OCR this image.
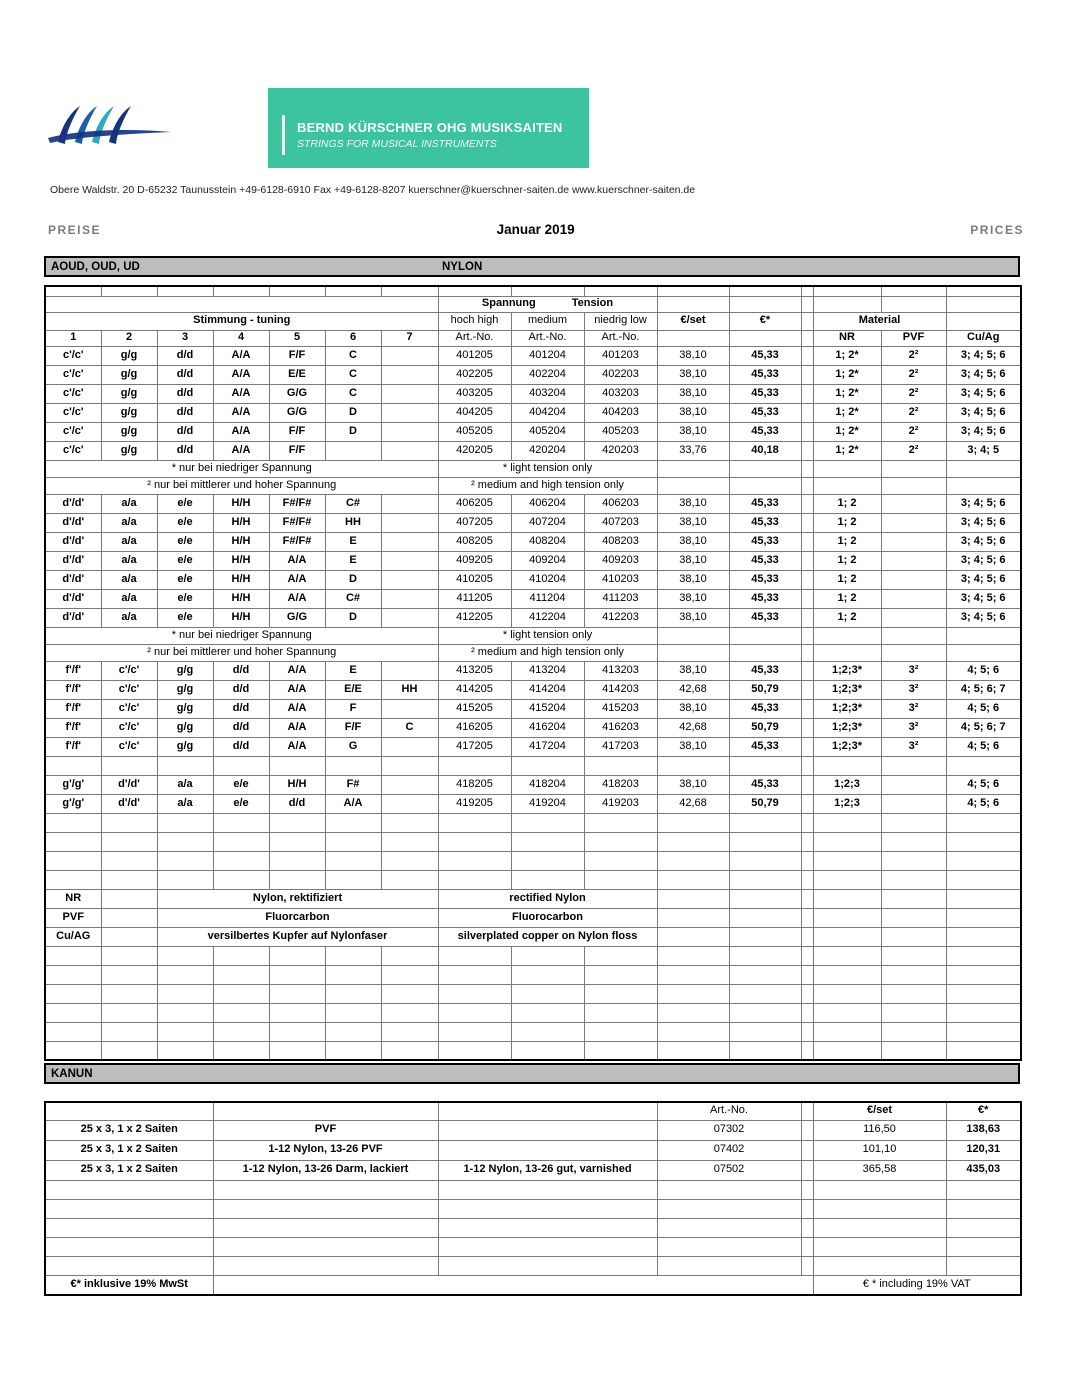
BERND KÜRSCHNER OHG MUSIKSAITEN
STRINGS FOR MUSICAL INSTRUMENTS
Obere Waldstr. 20 D-65232 Taunusstein +49-6128-6910 Fax +49-6128-8207 kuerschner@kuerschner-saiten.de www.kuerschner-saiten.de
PREISE	Januar 2019	PRICES
AOUD, OUD, UD	NYLON

							Spannung Tension								
Stimmung - tuning							hoch high	medium	niedrig low	€/set	€*		Material		
1	2	3	4	5	6	7	Art.-No.	Art.-No.	Art.-No.				NR	PVF	Cu/Ag
c'/c'	g/g	d/d	A/A	F/F	C		401205	401204	401203	38,10	45,33		1; 2*	2²	3; 4; 5; 6
c'/c'	g/g	d/d	A/A	E/E	C		402205	402204	402203	38,10	45,33		1; 2*	2²	3; 4; 5; 6
c'/c'	g/g	d/d	A/A	G/G	C		403205	403204	403203	38,10	45,33		1; 2*	2²	3; 4; 5; 6
c'/c'	g/g	d/d	A/A	G/G	D		404205	404204	404203	38,10	45,33		1; 2*	2²	3; 4; 5; 6
c'/c'	g/g	d/d	A/A	F/F	D		405205	405204	405203	38,10	45,33		1; 2*	2²	3; 4; 5; 6
c'/c'	g/g	d/d	A/A	F/F			420205	420204	420203	33,76	40,18		1; 2*	2²	3; 4; 5
* nur bei niedriger Spannung							* light tension only								
² nur bei mittlerer und hoher Spannung							² medium and high tension only								
d'/d'	a/a	e/e	H/H	F#/F#	C#		406205	406204	406203	38,10	45,33		1; 2		3; 4; 5; 6
d'/d'	a/a	e/e	H/H	F#/F#	HH		407205	407204	407203	38,10	45,33		1; 2		3; 4; 5; 6
d'/d'	a/a	e/e	H/H	F#/F#	E		408205	408204	408203	38,10	45,33		1; 2		3; 4; 5; 6
d'/d'	a/a	e/e	H/H	A/A	E		409205	409204	409203	38,10	45,33		1; 2		3; 4; 5; 6
d'/d'	a/a	e/e	H/H	A/A	D		410205	410204	410203	38,10	45,33		1; 2		3; 4; 5; 6
d'/d'	a/a	e/e	H/H	A/A	C#		411205	411204	411203	38,10	45,33		1; 2		3; 4; 5; 6
d'/d'	a/a	e/e	H/H	G/G	D		412205	412204	412203	38,10	45,33		1; 2		3; 4; 5; 6
* nur bei niedriger Spannung							* light tension only								
² nur bei mittlerer und hoher Spannung							² medium and high tension only								
f'/f'	c'/c'	g/g	d/d	A/A	E		413205	413204	413203	38,10	45,33		1;2;3*	3²	4; 5; 6
f'/f'	c'/c'	g/g	d/d	A/A	E/E	HH	414205	414204	414203	42,68	50,79		1;2;3*	3²	4; 5; 6; 7
f'/f'	c'/c'	g/g	d/d	A/A	F		415205	415204	415203	38,10	45,33		1;2;3*	3²	4; 5; 6
f'/f'	c'/c'	g/g	d/d	A/A	F/F	C	416205	416204	416203	42,68	50,79		1;2;3*	3²	4; 5; 6; 7
f'/f'	c'/c'	g/g	d/d	A/A	G		417205	417204	417203	38,10	45,33		1;2;3*	3²	4; 5; 6

g'/g'	d'/d'	a/a	e/e	H/H	F#		418205	418204	418203	38,10	45,33		1;2;3		4; 5; 6
g'/g'	d'/d'	a/a	e/e	d/d	A/A		419205	419204	419203	42,68	50,79		1;2;3		4; 5; 6

NR		Nylon, rektifiziert					rectified Nylon								
PVF		Fluorcarbon					Fluorocarbon								
Cu/AG		versilbertes Kupfer auf Nylonfaser					silverplated copper on Nylon floss								

KANUN
			Art.-No.		€/set	€*
25 x 3, 1 x 2 Saiten	PVF		07302		116,50	138,63
25 x 3, 1 x 2 Saiten	1-12 Nylon, 13-26 PVF		07402		101,10	120,31
25 x 3, 1 x 2 Saiten	1-12 Nylon, 13-26 Darm, lackiert	1-12 Nylon, 13-26 gut, varnished	07502		365,58	435,03

€* inklusive 19% MwSt					€ * including 19% VAT	
